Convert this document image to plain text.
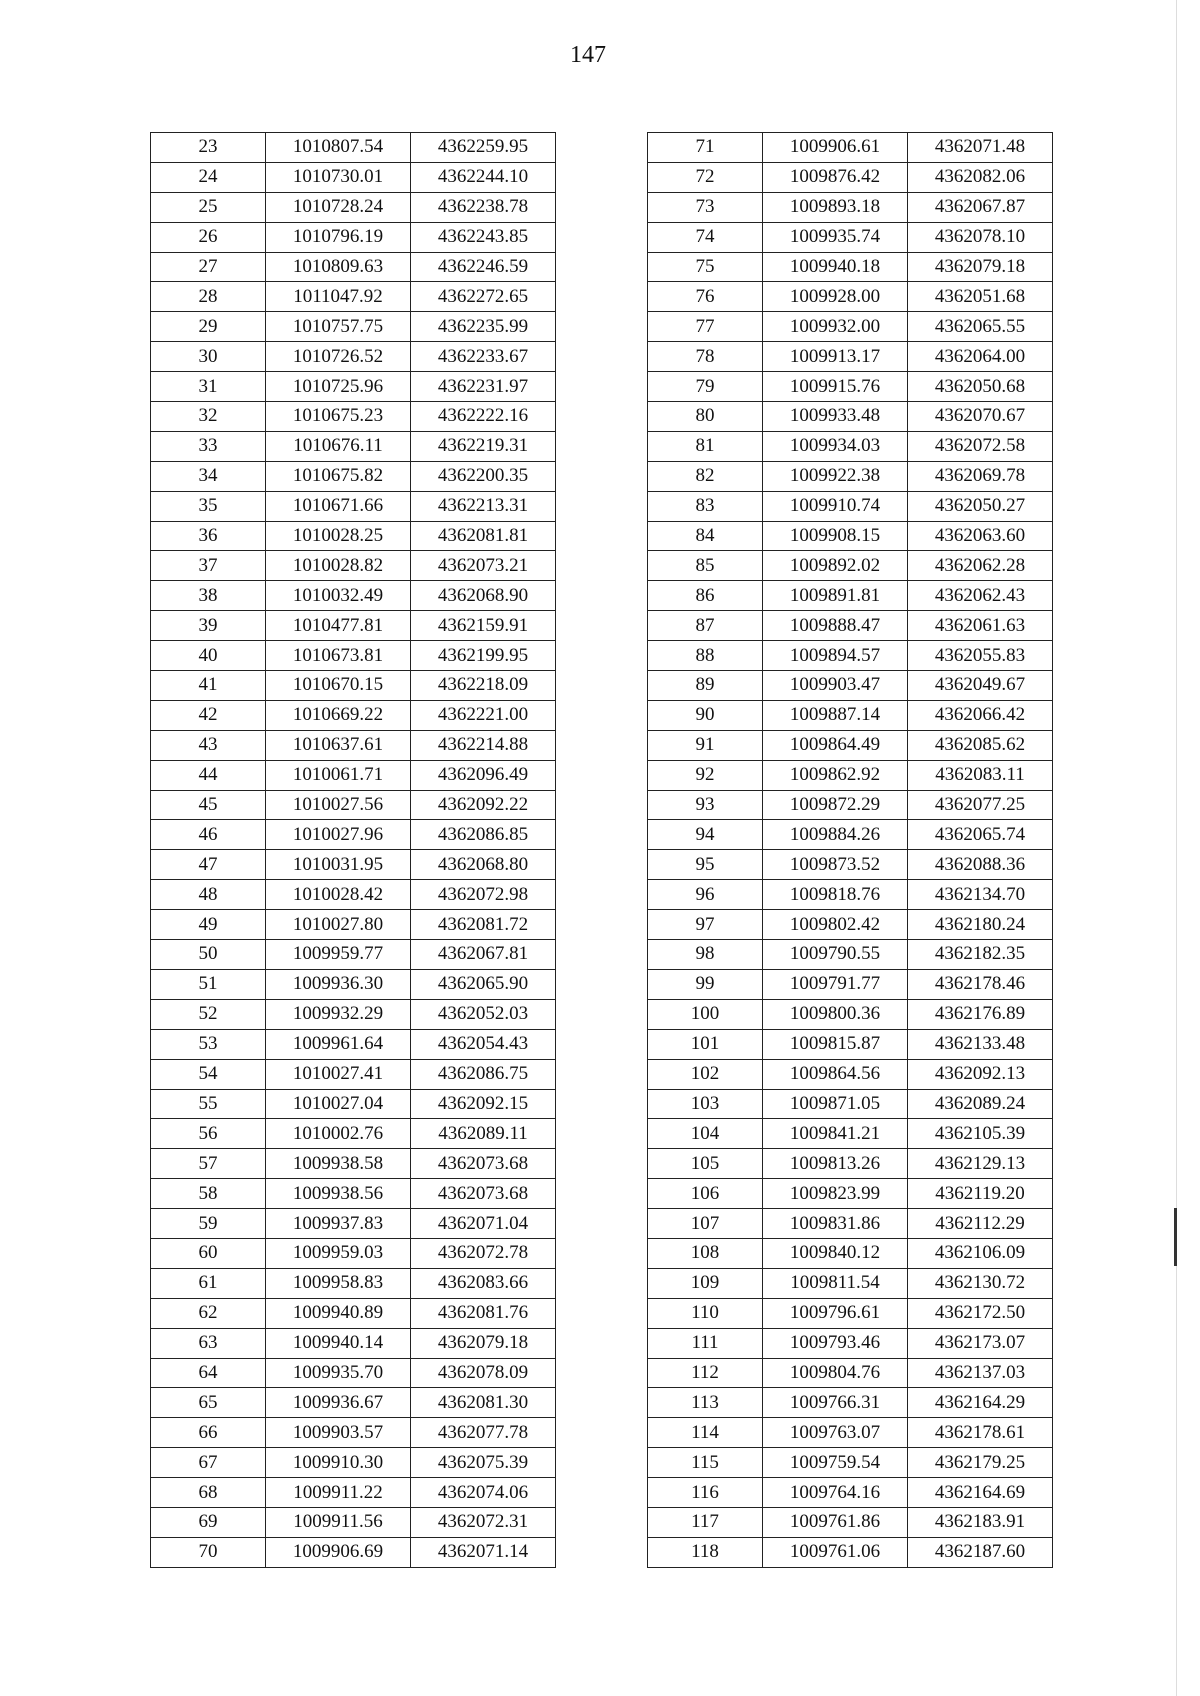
147
23	1010807.54	4362259.95
24	1010730.01	4362244.10
25	1010728.24	4362238.78
26	1010796.19	4362243.85
27	1010809.63	4362246.59
28	1011047.92	4362272.65
29	1010757.75	4362235.99
30	1010726.52	4362233.67
31	1010725.96	4362231.97
32	1010675.23	4362222.16
33	1010676.11	4362219.31
34	1010675.82	4362200.35
35	1010671.66	4362213.31
36	1010028.25	4362081.81
37	1010028.82	4362073.21
38	1010032.49	4362068.90
39	1010477.81	4362159.91
40	1010673.81	4362199.95
41	1010670.15	4362218.09
42	1010669.22	4362221.00
43	1010637.61	4362214.88
44	1010061.71	4362096.49
45	1010027.56	4362092.22
46	1010027.96	4362086.85
47	1010031.95	4362068.80
48	1010028.42	4362072.98
49	1010027.80	4362081.72
50	1009959.77	4362067.81
51	1009936.30	4362065.90
52	1009932.29	4362052.03
53	1009961.64	4362054.43
54	1010027.41	4362086.75
55	1010027.04	4362092.15
56	1010002.76	4362089.11
57	1009938.58	4362073.68
58	1009938.56	4362073.68
59	1009937.83	4362071.04
60	1009959.03	4362072.78
61	1009958.83	4362083.66
62	1009940.89	4362081.76
63	1009940.14	4362079.18
64	1009935.70	4362078.09
65	1009936.67	4362081.30
66	1009903.57	4362077.78
67	1009910.30	4362075.39
68	1009911.22	4362074.06
69	1009911.56	4362072.31
70	1009906.69	4362071.14
71	1009906.61	4362071.48
72	1009876.42	4362082.06
73	1009893.18	4362067.87
74	1009935.74	4362078.10
75	1009940.18	4362079.18
76	1009928.00	4362051.68
77	1009932.00	4362065.55
78	1009913.17	4362064.00
79	1009915.76	4362050.68
80	1009933.48	4362070.67
81	1009934.03	4362072.58
82	1009922.38	4362069.78
83	1009910.74	4362050.27
84	1009908.15	4362063.60
85	1009892.02	4362062.28
86	1009891.81	4362062.43
87	1009888.47	4362061.63
88	1009894.57	4362055.83
89	1009903.47	4362049.67
90	1009887.14	4362066.42
91	1009864.49	4362085.62
92	1009862.92	4362083.11
93	1009872.29	4362077.25
94	1009884.26	4362065.74
95	1009873.52	4362088.36
96	1009818.76	4362134.70
97	1009802.42	4362180.24
98	1009790.55	4362182.35
99	1009791.77	4362178.46
100	1009800.36	4362176.89
101	1009815.87	4362133.48
102	1009864.56	4362092.13
103	1009871.05	4362089.24
104	1009841.21	4362105.39
105	1009813.26	4362129.13
106	1009823.99	4362119.20
107	1009831.86	4362112.29
108	1009840.12	4362106.09
109	1009811.54	4362130.72
110	1009796.61	4362172.50
111	1009793.46	4362173.07
112	1009804.76	4362137.03
113	1009766.31	4362164.29
114	1009763.07	4362178.61
115	1009759.54	4362179.25
116	1009764.16	4362164.69
117	1009761.86	4362183.91
118	1009761.06	4362187.60
